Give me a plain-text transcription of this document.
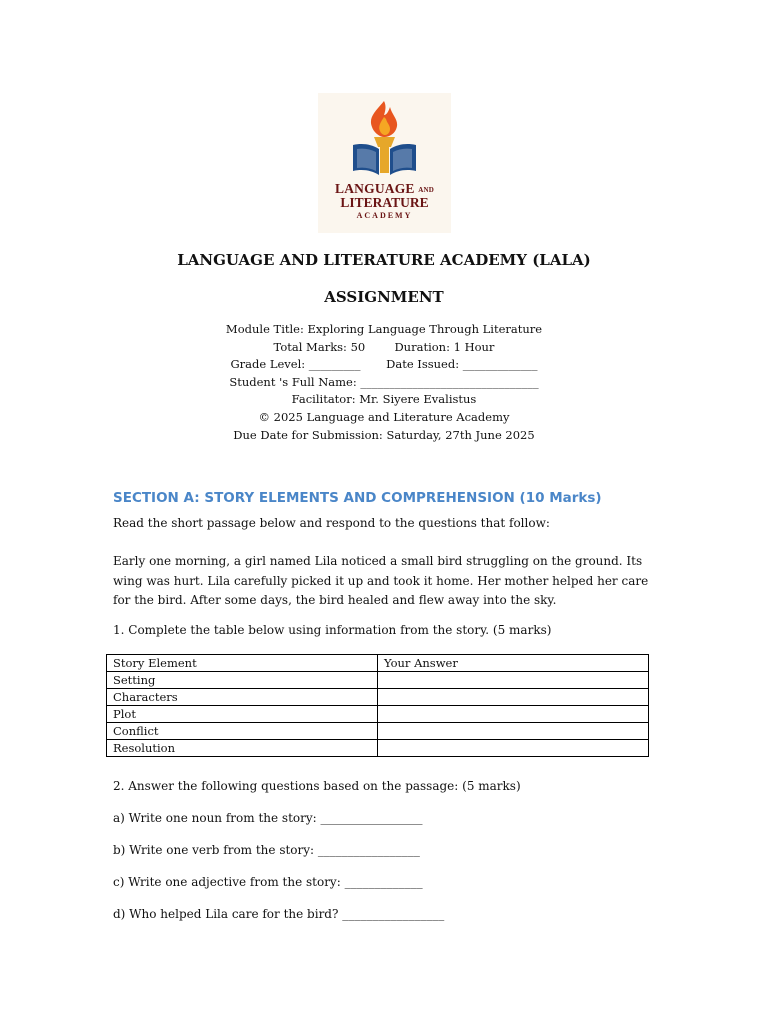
LANGUAGE AND
LITERATURE
ACADEMY
LANGUAGE AND LITERATURE ACADEMY (LALA)
ASSIGNMENT
Module Title: Exploring Language Through Literature
Total Marks: 50        Duration: 1 Hour
Grade Level: _________       Date Issued: _____________
Student 's Full Name: _______________________________
Facilitator: Mr. Siyere Evalistus
© 2025 Language and Literature Academy
Due Date for Submission: Saturday, 27th June 2025
SECTION A: STORY ELEMENTS AND COMPREHENSION (10 Marks)
Read the short passage below and respond to the questions that follow:
Early one morning, a girl named Lila noticed a small bird struggling on the ground. Its wing was hurt. Lila carefully picked it up and took it home. Her mother helped her care for the bird. After some days, the bird healed and flew away into the sky.
1. Complete the table below using information from the story. (5 marks)
Story Element	Your Answer
Setting	
Characters	
Plot	
Conflict	
Resolution	
2. Answer the following questions based on the passage: (5 marks)
a) Write one noun from the story: _________________
b) Write one verb from the story: _________________
c) Write one adjective from the story: _____________
d) Who helped Lila care for the bird? _________________
